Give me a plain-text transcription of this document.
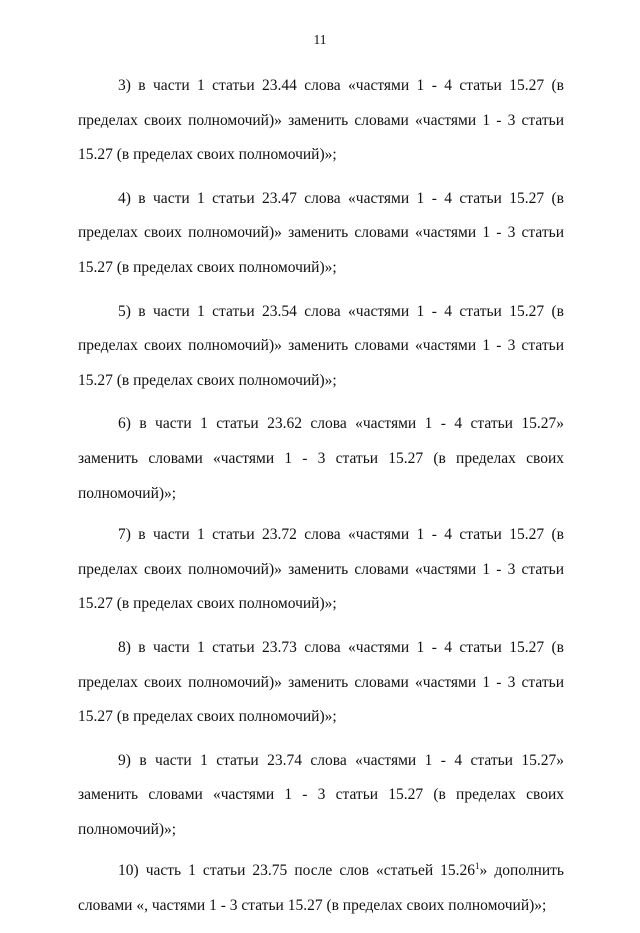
11

3) в части 1 статьи 23.44 слова «частями 1 - 4 статьи 15.27 (в пределах своих полномочий)» заменить словами «частями 1 - 3 статьи 15.27 (в пределах своих полномочий)»;

4) в части 1 статьи 23.47 слова «частями 1 - 4 статьи 15.27 (в пределах своих полномочий)» заменить словами «частями 1 - 3 статьи 15.27 (в пределах своих полномочий)»;

5) в части 1 статьи 23.54 слова «частями 1 - 4 статьи 15.27 (в пределах своих полномочий)» заменить словами «частями 1 - 3 статьи 15.27 (в пределах своих полномочий)»;

6) в части 1 статьи 23.62 слова «частями 1 - 4 статьи 15.27» заменить словами «частями 1 - 3 статьи 15.27 (в пределах своих полномочий)»;

7) в части 1 статьи 23.72 слова «частями 1 - 4 статьи 15.27 (в пределах своих полномочий)» заменить словами «частями 1 - 3 статьи 15.27 (в пределах своих полномочий)»;

8) в части 1 статьи 23.73 слова «частями 1 - 4 статьи 15.27 (в пределах своих полномочий)» заменить словами «частями 1 - 3 статьи 15.27 (в пределах своих полномочий)»;

9) в части 1 статьи 23.74 слова «частями 1 - 4 статьи 15.27» заменить словами «частями 1 - 3 статьи 15.27 (в пределах своих полномочий)»;

10) часть 1 статьи 23.75 после слов «статьей 15.26$^1$» дополнить словами «, частями 1 - 3 статьи 15.27 (в пределах своих полномочий)»;
